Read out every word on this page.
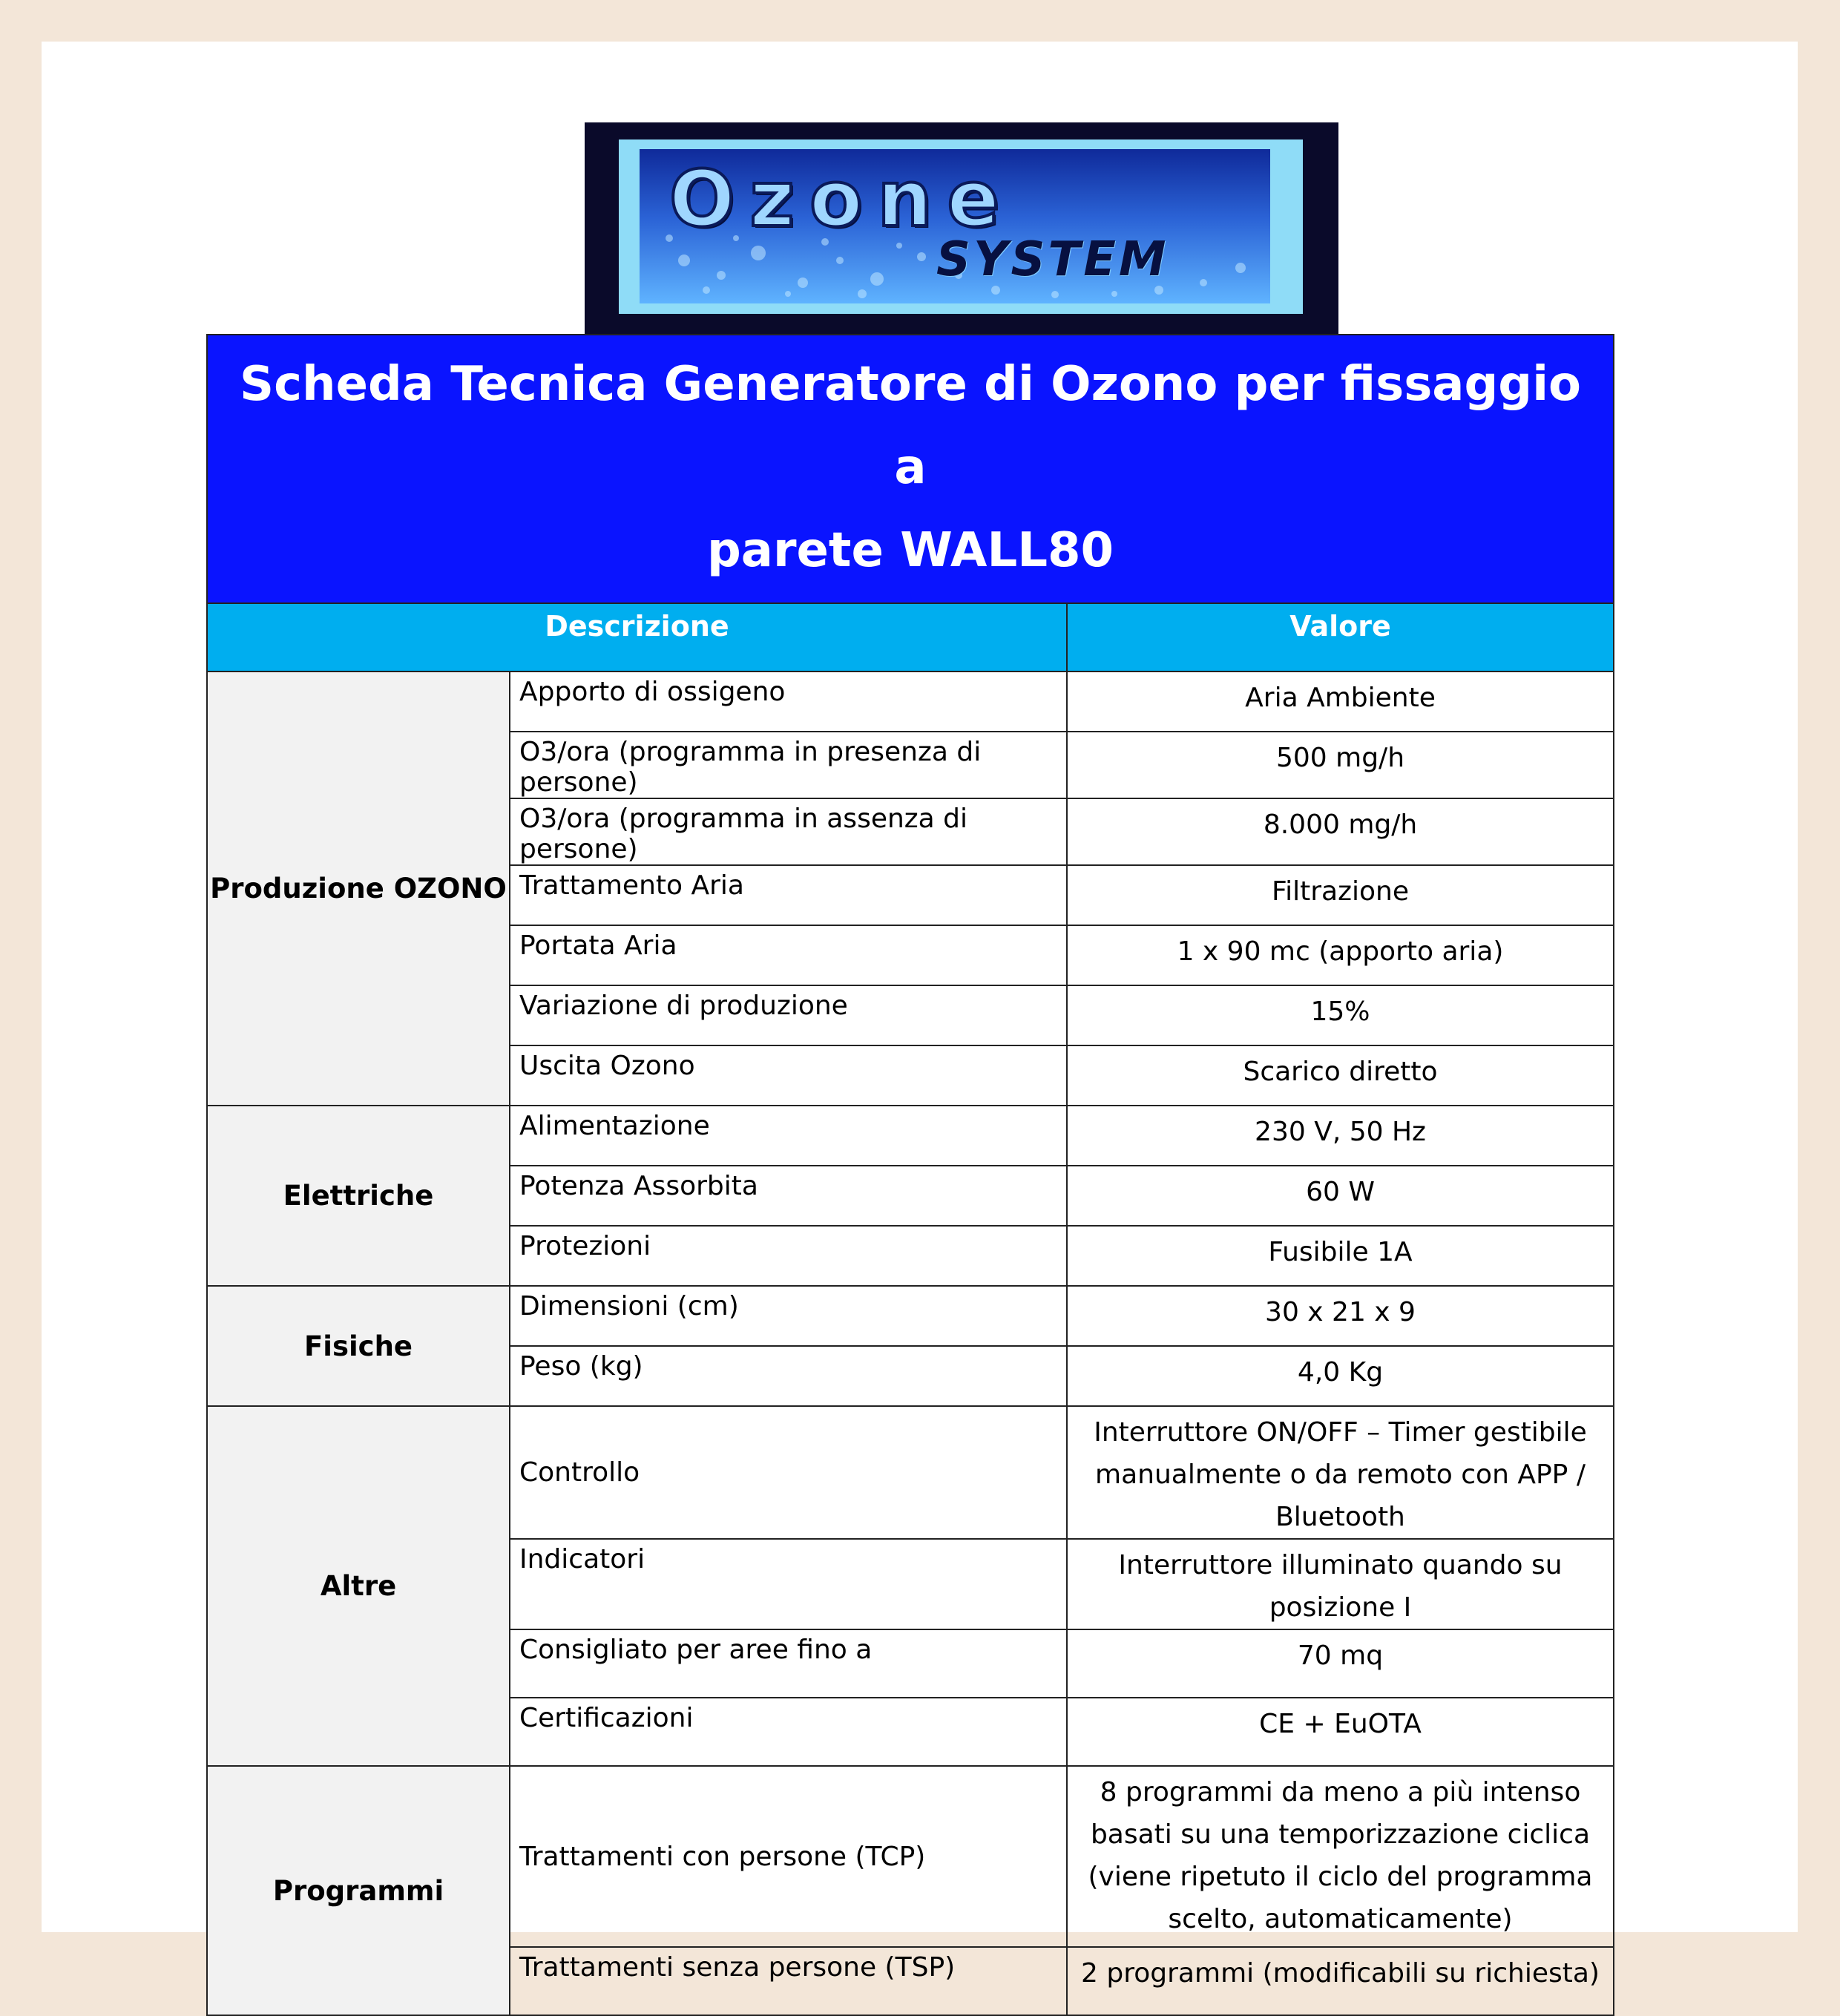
Ozone
SYSTEM
Scheda Tecnica Generatore di Ozono per fissaggio a
parete WALL80		
Descrizione		Valore
Produzione OZONO	Apporto di ossigeno	Aria Ambiente
	O3/ora (programma in presenza di persone)	500 mg/h
	O3/ora (programma in assenza di persone)	8.000 mg/h
	Trattamento Aria	Filtrazione
	Portata Aria	1 x 90 mc (apporto aria)
	Variazione di produzione	15%
	Uscita Ozono	Scarico diretto
Elettriche	Alimentazione	230 V, 50 Hz
	Potenza Assorbita	60 W
	Protezioni	Fusibile 1A
Fisiche	Dimensioni (cm)	30 x 21 x 9
	Peso (kg)	4,0 Kg
Altre	Controllo	Interruttore ON/OFF – Timer gestibile manualmente o da remoto con APP / Bluetooth
	Indicatori	Interruttore illuminato quando su posizione I
	Consigliato per aree fino a	70 mq
	Certificazioni	CE + EuOTA
Programmi	Trattamenti con persone (TCP)	8 programmi da meno a più intenso basati su una temporizzazione ciclica (viene ripetuto il ciclo del programma scelto, automaticamente)
	Trattamenti senza persone (TSP)	2 programmi (modificabili su richiesta)
